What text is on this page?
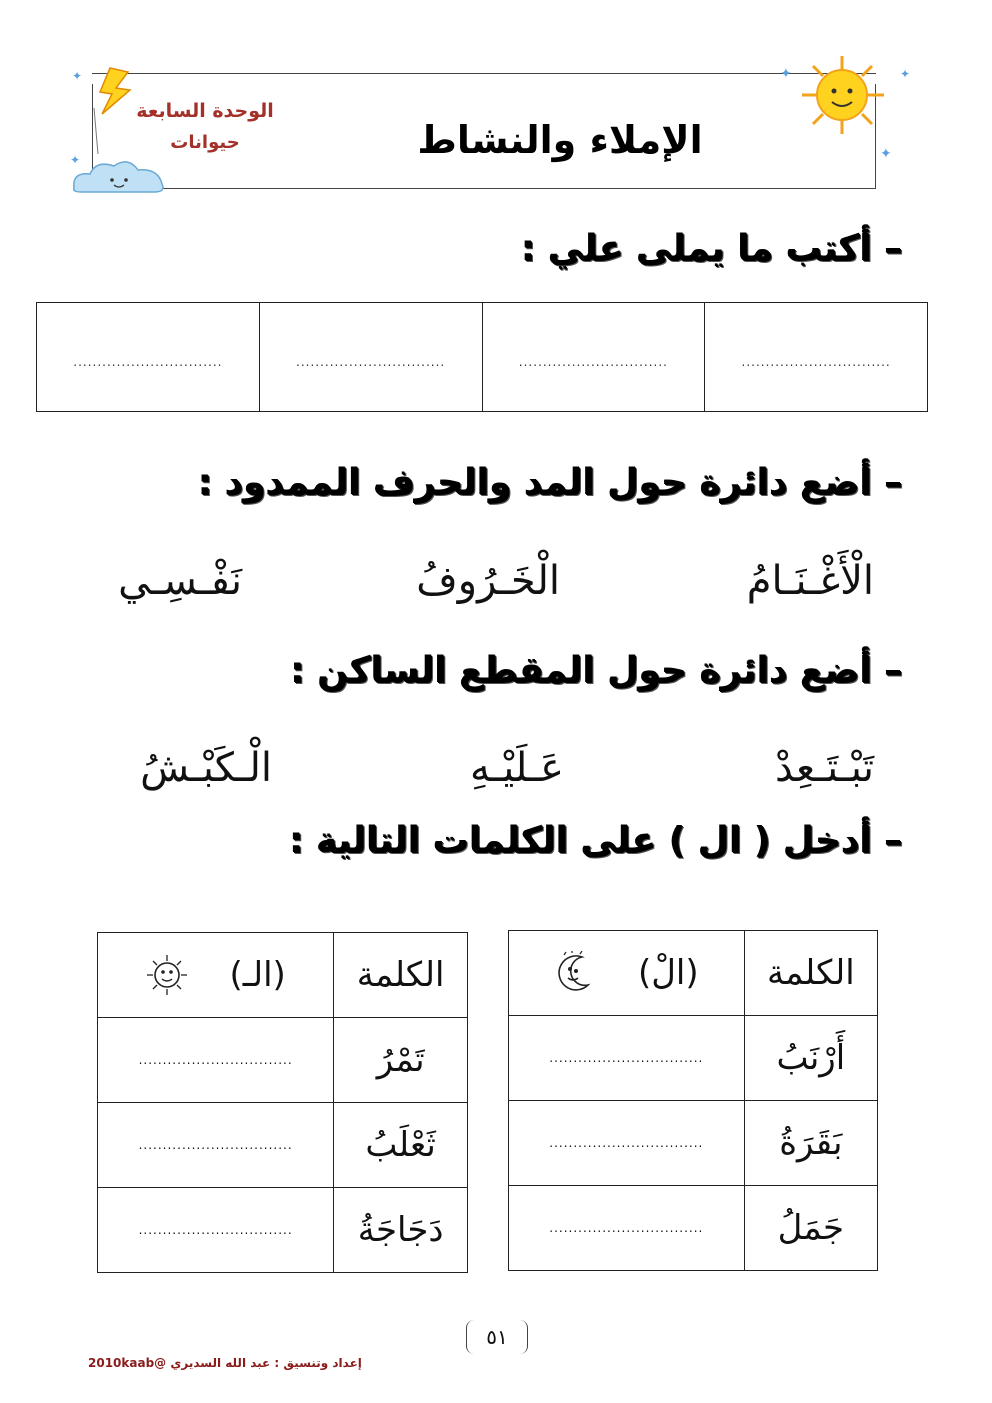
✦
✦
✦
✦
✦
الوحدة السابعة
حيوانات	الإملاء والنشاط
– أكتب ما يملى علي :
...............................
...............................
...............................
...............................
– أضع دائرة حول المد والحرف الممدود :
الْأَغْـنَـامُ
الْخَـرُوفُ
نَفْـسِـي
– أضع دائرة حول المقطع الساكن :
تَبْـتَـعِدْ
عَـلَيْـهِ
الْـكَبْـشُ
– أدخل ( ال ) على الكلمات التالية :
الكلمة	(الْ)

أَرْنَبُ	................................
بَقَرَةُ	................................
جَمَلُ	................................
الكلمة	(الـ)

تَمْرُ	................................
ثَعْلَبُ	................................
دَجَاجَةُ	................................
٥١
إعداد وتنسيق : عبد الله السديري @2010kaab
